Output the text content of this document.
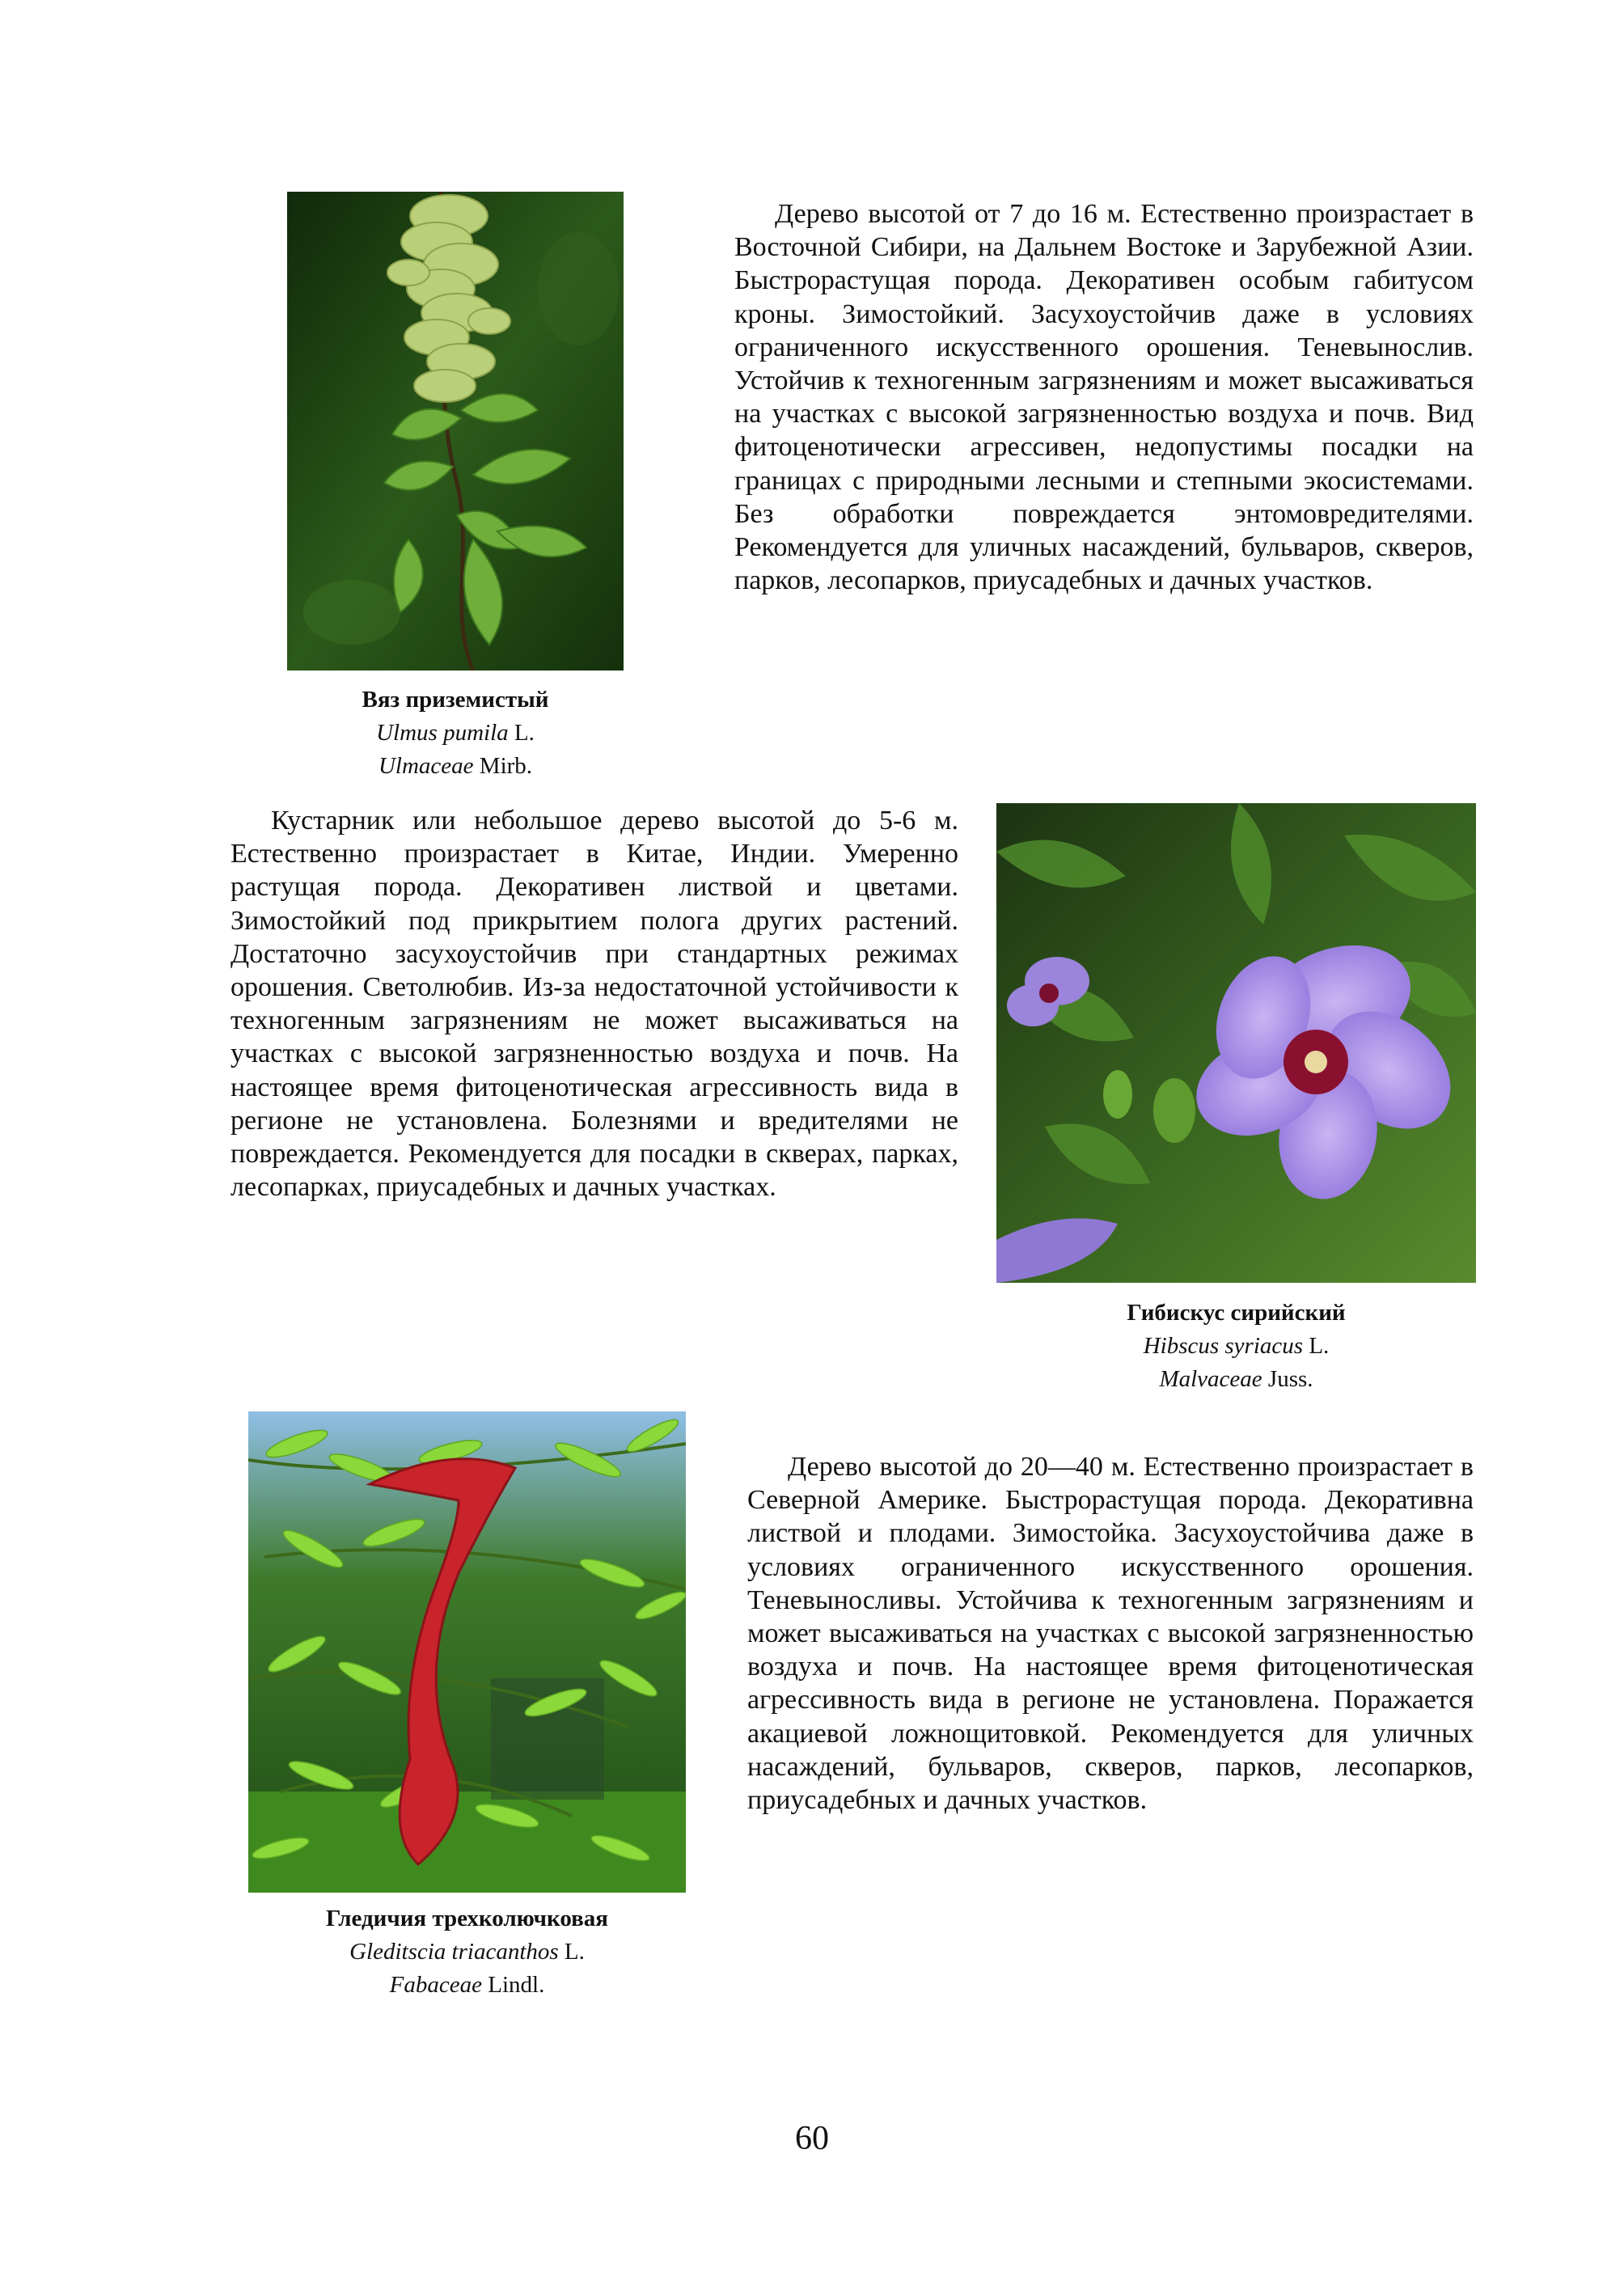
Вяз приземистый
Ulmus pumila L.
Ulmaceae Mirb.

Дерево высотой от 7 до 16 м. Естественно произрастает в Восточной Сибири, на Дальнем Востоке и Зарубежной Азии. Быстрорастущая порода. Декоративен особым габитусом кроны. Зимостойкий. Засухоустойчив даже в условиях ограниченного искусственного орошения. Теневынослив. Устойчив к техногенным загрязнениям и может высаживаться на участках с высокой загрязненностью воздуха и почв. Вид фитоценотически агрессивен, недопустимы посадки на границах с природными лесными и степными экосистемами. Без обработки повреждается энтомовредителями. Рекомендуется для уличных насаждений, бульваров, скверов, парков, лесопарков, приусадебных и дачных участков.

Кустарник или небольшое дерево высотой до 5-6 м. Естественно произрастает в Китае, Индии. Умеренно растущая порода. Декоративен листвой и цветами. Зимостойкий под прикрытием полога других растений. Достаточно засухоустойчив при стандартных режимах орошения. Светолюбив. Из-за недостаточной устойчивости к техногенным загрязнениям не может высаживаться на участках с высокой загрязненностью воздуха и почв. На настоящее время фитоценотическая агрессивность вида в регионе не установлена. Болезнями и вредителями не повреждается. Рекомендуется для посадки в скверах, парках, лесопарках, приусадебных и дачных участках.

Гибискус сирийский
Hibscus syriacus L.
Malvaceae Juss.
Гледичия трехколючковая
Gleditscia triacanthos L.
Fabaceae Lindl.

Дерево высотой до 20—40 м. Естественно произрастает в Северной Америке. Быстрорастущая порода. Декоративна листвой и плодами. Зимостойка. Засухоустойчива даже в условиях ограниченного искусственного орошения. Теневыносливы. Устойчива к техногенным загрязнениям и может высаживаться на участках с высокой загрязненностью воздуха и почв. На настоящее время фитоценотическая агрессивность вида в регионе не установлена. Поражается акациевой ложнощитовкой. Рекомендуется для уличных насаждений, бульваров, скверов, парков, лесопарков, приусадебных и дачных участков.

60
